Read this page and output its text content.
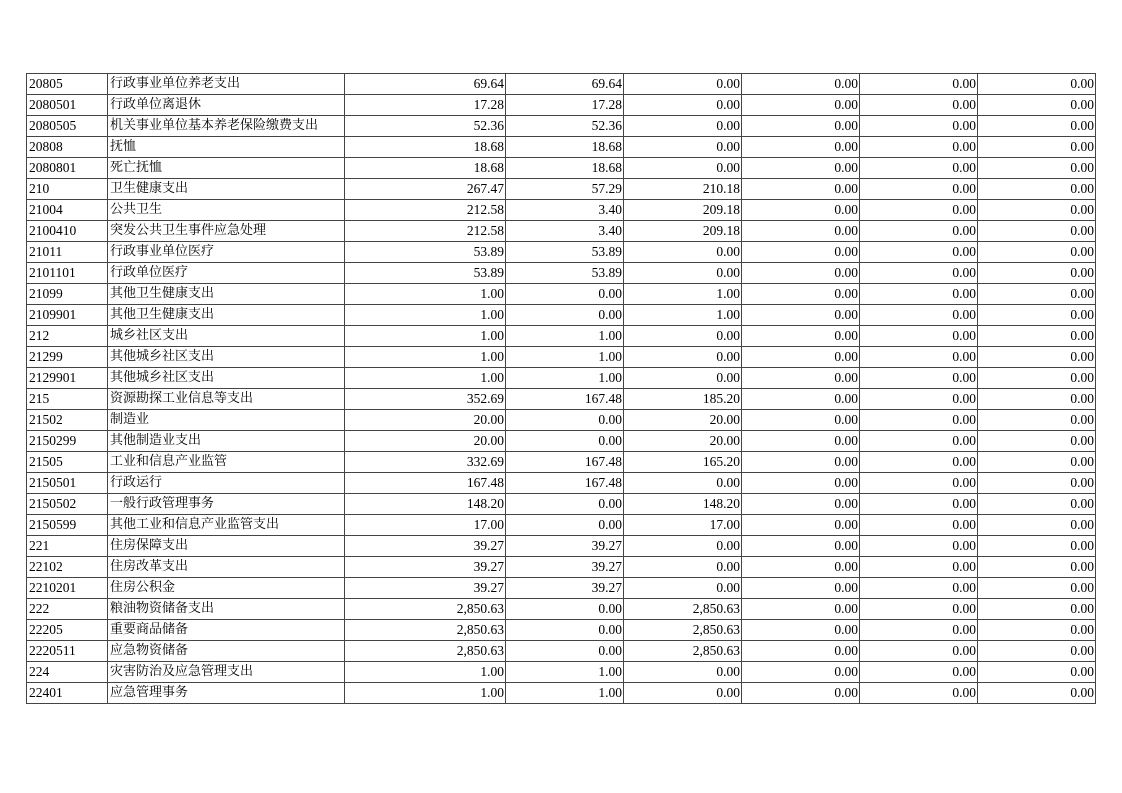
20805	行政事业单位养老支出	69.64	69.64	0.00	0.00	0.00	0.00
2080501	行政单位离退休	17.28	17.28	0.00	0.00	0.00	0.00
2080505	机关事业单位基本养老保险缴费支出	52.36	52.36	0.00	0.00	0.00	0.00
20808	抚恤	18.68	18.68	0.00	0.00	0.00	0.00
2080801	死亡抚恤	18.68	18.68	0.00	0.00	0.00	0.00
210	卫生健康支出	267.47	57.29	210.18	0.00	0.00	0.00
21004	公共卫生	212.58	3.40	209.18	0.00	0.00	0.00
2100410	突发公共卫生事件应急处理	212.58	3.40	209.18	0.00	0.00	0.00
21011	行政事业单位医疗	53.89	53.89	0.00	0.00	0.00	0.00
2101101	行政单位医疗	53.89	53.89	0.00	0.00	0.00	0.00
21099	其他卫生健康支出	1.00	0.00	1.00	0.00	0.00	0.00
2109901	其他卫生健康支出	1.00	0.00	1.00	0.00	0.00	0.00
212	城乡社区支出	1.00	1.00	0.00	0.00	0.00	0.00
21299	其他城乡社区支出	1.00	1.00	0.00	0.00	0.00	0.00
2129901	其他城乡社区支出	1.00	1.00	0.00	0.00	0.00	0.00
215	资源勘探工业信息等支出	352.69	167.48	185.20	0.00	0.00	0.00
21502	制造业	20.00	0.00	20.00	0.00	0.00	0.00
2150299	其他制造业支出	20.00	0.00	20.00	0.00	0.00	0.00
21505	工业和信息产业监管	332.69	167.48	165.20	0.00	0.00	0.00
2150501	行政运行	167.48	167.48	0.00	0.00	0.00	0.00
2150502	一般行政管理事务	148.20	0.00	148.20	0.00	0.00	0.00
2150599	其他工业和信息产业监管支出	17.00	0.00	17.00	0.00	0.00	0.00
221	住房保障支出	39.27	39.27	0.00	0.00	0.00	0.00
22102	住房改革支出	39.27	39.27	0.00	0.00	0.00	0.00
2210201	住房公积金	39.27	39.27	0.00	0.00	0.00	0.00
222	粮油物资储备支出	2,850.63	0.00	2,850.63	0.00	0.00	0.00
22205	重要商品储备	2,850.63	0.00	2,850.63	0.00	0.00	0.00
2220511	应急物资储备	2,850.63	0.00	2,850.63	0.00	0.00	0.00
224	灾害防治及应急管理支出	1.00	1.00	0.00	0.00	0.00	0.00
22401	应急管理事务	1.00	1.00	0.00	0.00	0.00	0.00
